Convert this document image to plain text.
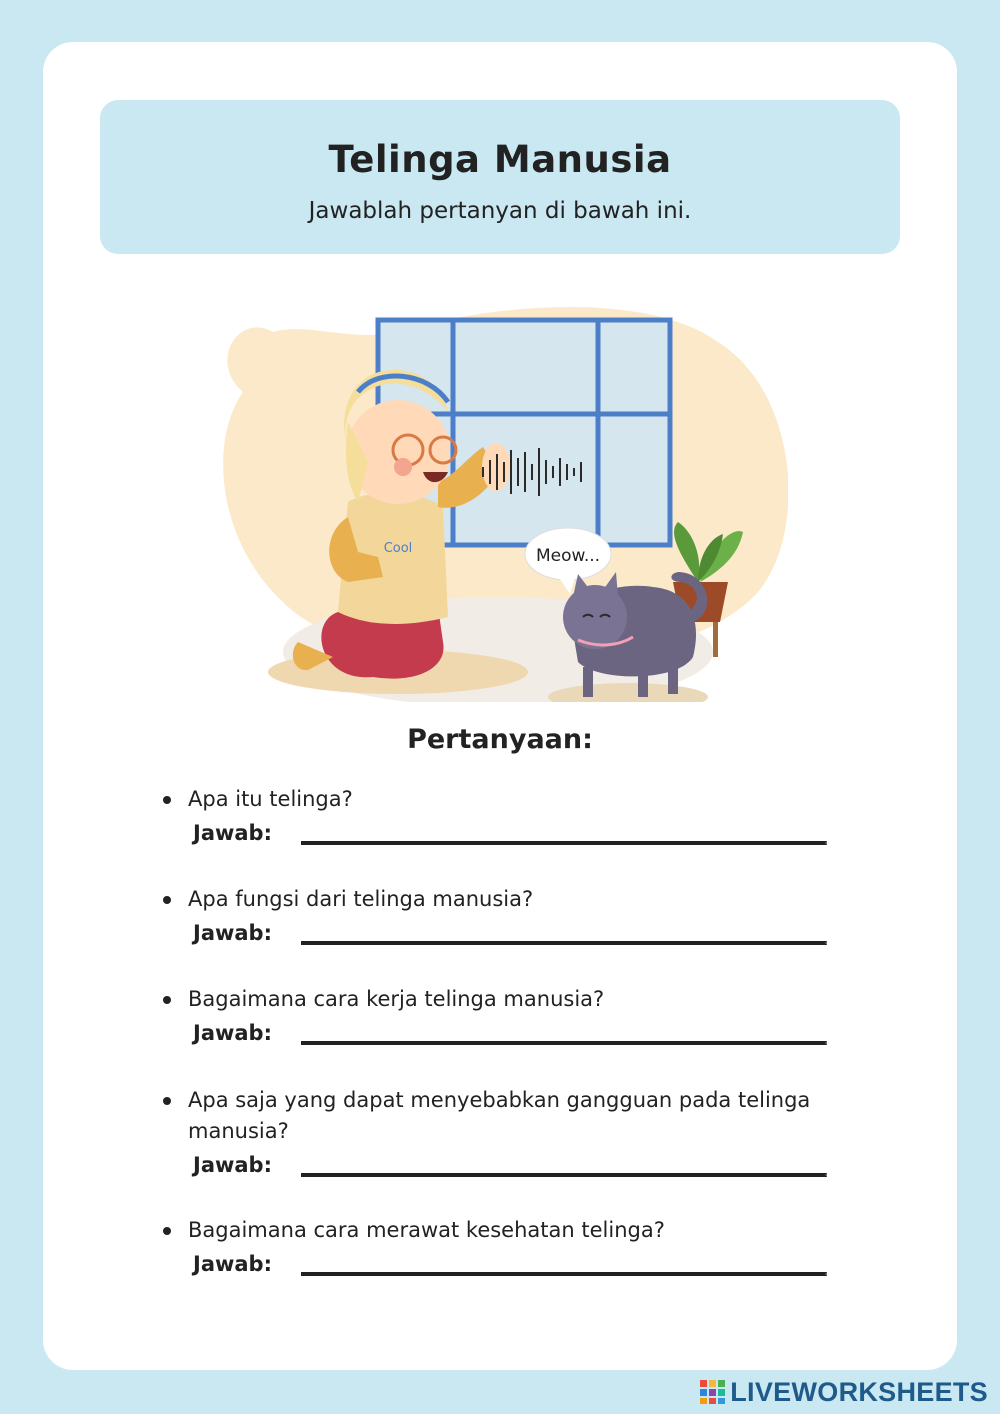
Telinga Manusia
Jawablah pertanyan di bawah ini.
Cool	Meow...
Pertanyaan:
Apa itu telinga?
Jawab:
Apa fungsi dari telinga manusia?
Jawab:
Bagaimana cara kerja telinga manusia?
Jawab:
Apa saja yang dapat menyebabkan gangguan pada telinga manusia?
Jawab:
Bagaimana cara merawat kesehatan telinga?
Jawab:
LIVEWORKSHEETS
